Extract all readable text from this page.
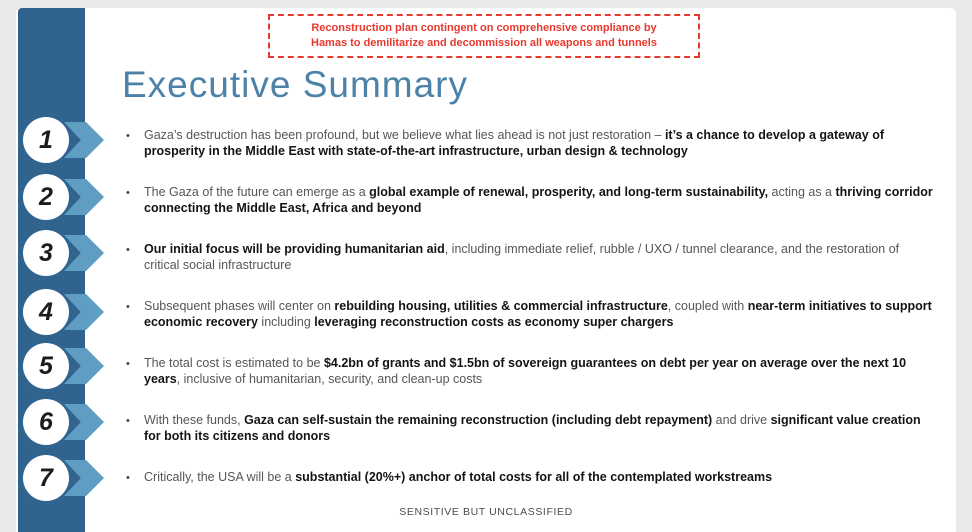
1
2
3
4
5
6
7
Reconstruction plan contingent on comprehensive compliance by
Hamas to demilitarize and decommission all weapons and tunnels
Executive Summary
• Gaza’s destruction has been profound, but we believe what lies ahead is not just restoration – it’s a chance to develop a gateway of prosperity in the Middle East with state-of-the-art infrastructure, urban design & technology
• The Gaza of the future can emerge as a global example of renewal, prosperity, and long-term sustainability, acting as a thriving corridor connecting the Middle East, Africa and beyond
• Our initial focus will be providing humanitarian aid, including immediate relief, rubble / UXO / tunnel clearance, and the restoration of critical social infrastructure
• Subsequent phases will center on rebuilding housing, utilities & commercial infrastructure, coupled with near-term initiatives to support economic recovery including leveraging reconstruction costs as economy super chargers
• The total cost is estimated to be $4.2bn of grants and $1.5bn of sovereign guarantees on debt per year on average over the next 10 years, inclusive of humanitarian, security, and clean-up costs
• With these funds, Gaza can self-sustain the remaining reconstruction (including debt repayment) and drive significant value creation for both its citizens and donors
• Critically, the USA will be a substantial (20%+) anchor of total costs for all of the contemplated workstreams
SENSITIVE BUT UNCLASSIFIED
